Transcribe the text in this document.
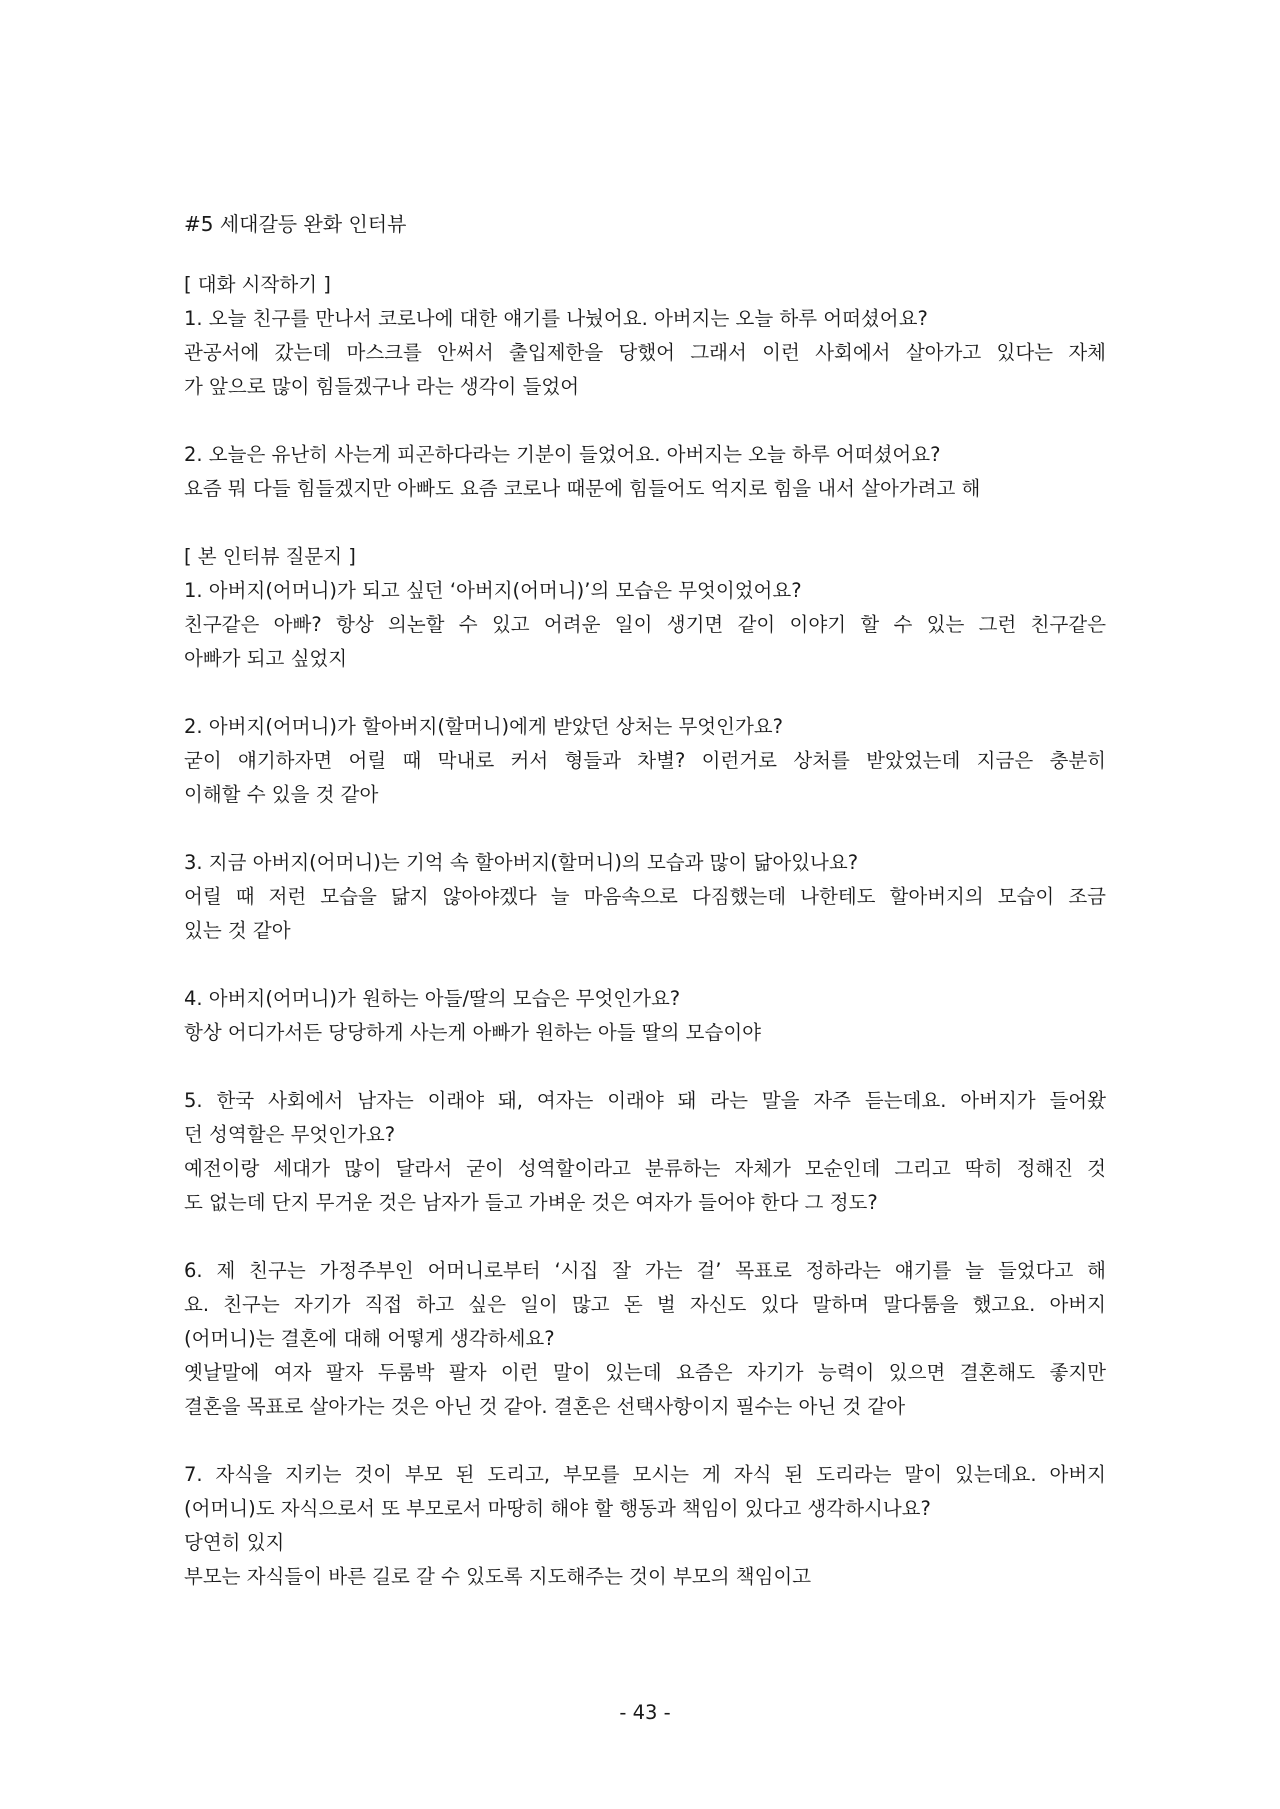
#5 세대갈등 완화 인터뷰
[ 대화 시작하기 ]
1. 오늘 친구를 만나서 코로나에 대한 얘기를 나눴어요. 아버지는 오늘 하루 어떠셨어요?
관공서에 갔는데 마스크를 안써서 출입제한을 당했어 그래서 이런 사회에서 살아가고 있다는 자체
가 앞으로 많이 힘들겠구나 라는 생각이 들었어
2. 오늘은 유난히 사는게 피곤하다라는 기분이 들었어요. 아버지는 오늘 하루 어떠셨어요?
요즘 뭐 다들 힘들겠지만 아빠도 요즘 코로나 때문에 힘들어도 억지로 힘을 내서 살아가려고 해
[ 본 인터뷰 질문지 ]
1. 아버지(어머니)가 되고 싶던 ‘아버지(어머니)’의 모습은 무엇이었어요?
친구같은 아빠? 항상 의논할 수 있고 어려운 일이 생기면 같이 이야기 할 수 있는 그런 친구같은
아빠가 되고 싶었지
2. 아버지(어머니)가 할아버지(할머니)에게 받았던 상처는 무엇인가요?
굳이 얘기하자면 어릴 때 막내로 커서 형들과 차별? 이런거로 상처를 받았었는데 지금은 충분히
이해할 수 있을 것 같아
3. 지금 아버지(어머니)는 기억 속 할아버지(할머니)의 모습과 많이 닮아있나요?
어릴 때 저런 모습을 닮지 않아야겠다 늘 마음속으로 다짐했는데 나한테도 할아버지의 모습이 조금
있는 것 같아
4. 아버지(어머니)가 원하는 아들/딸의 모습은 무엇인가요?
항상 어디가서든 당당하게 사는게 아빠가 원하는 아들 딸의 모습이야
5. 한국 사회에서 남자는 이래야 돼, 여자는 이래야 돼 라는 말을 자주 듣는데요. 아버지가 들어왔
던 성역할은 무엇인가요?
예전이랑 세대가 많이 달라서 굳이 성역할이라고 분류하는 자체가 모순인데 그리고 딱히 정해진 것
도 없는데 단지 무거운 것은 남자가 들고 가벼운 것은 여자가 들어야 한다 그 정도?
6. 제 친구는 가정주부인 어머니로부터 ‘시집 잘 가는 걸’ 목표로 정하라는 얘기를 늘 들었다고 해
요. 친구는 자기가 직접 하고 싶은 일이 많고 돈 벌 자신도 있다 말하며 말다툼을 했고요. 아버지
(어머니)는 결혼에 대해 어떻게 생각하세요?
옛날말에 여자 팔자 두룸박 팔자 이런 말이 있는데 요즘은 자기가 능력이 있으면 결혼해도 좋지만
결혼을 목표로 살아가는 것은 아닌 것 같아. 결혼은 선택사항이지 필수는 아닌 것 같아
7. 자식을 지키는 것이 부모 된 도리고, 부모를 모시는 게 자식 된 도리라는 말이 있는데요. 아버지
(어머니)도 자식으로서 또 부모로서 마땅히 해야 할 행동과 책임이 있다고 생각하시나요?
당연히 있지
부모는 자식들이 바른 길로 갈 수 있도록 지도해주는 것이 부모의 책임이고
- 43 -
